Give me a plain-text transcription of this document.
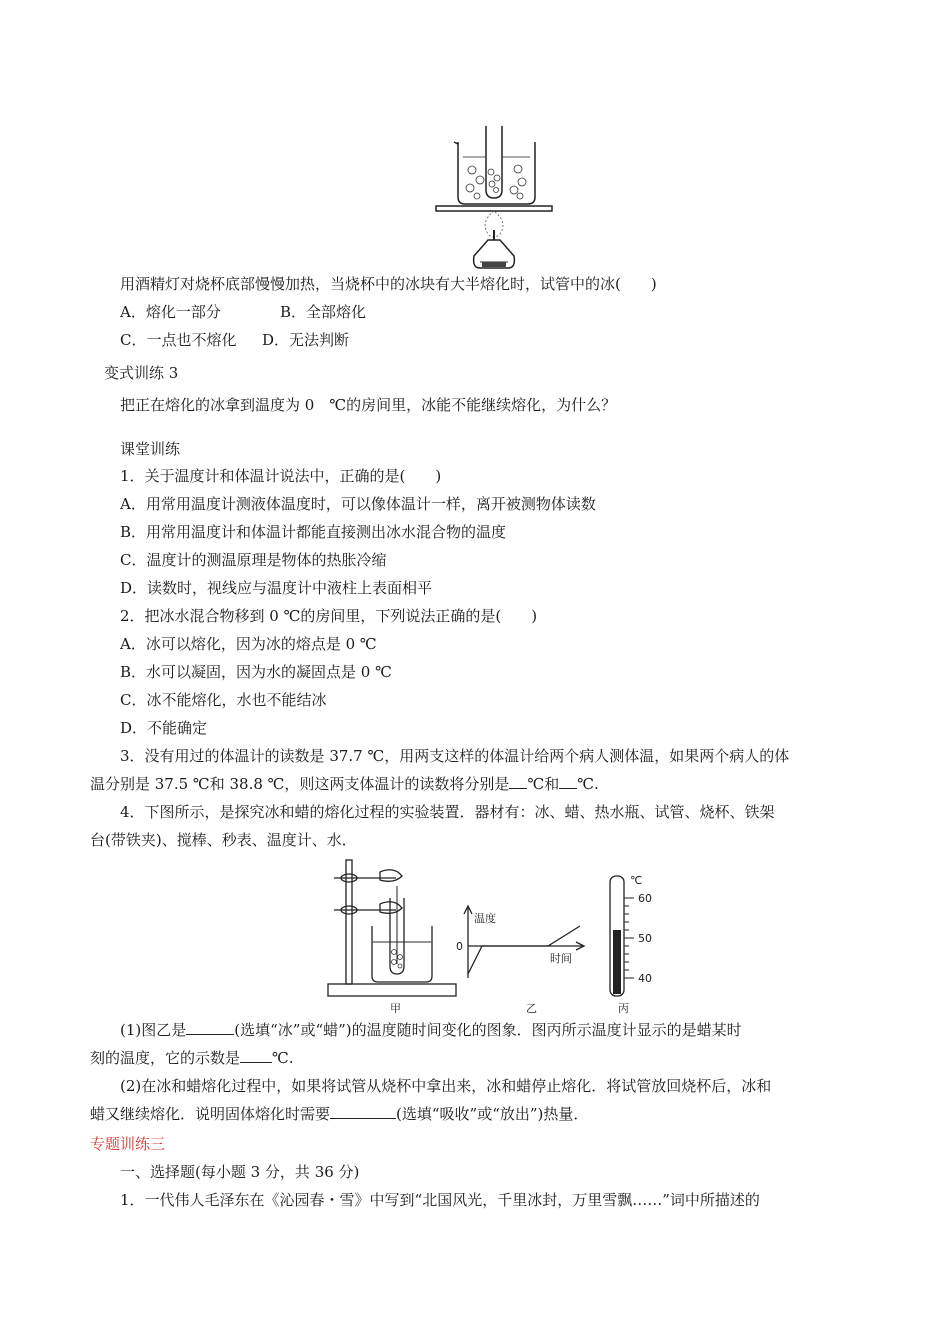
用酒精灯对烧杯底部慢慢加热，当烧杯中的冰块有大半熔化时，试管中的冰(　　)
A．熔化一部分	B．全部熔化
C．一点也不熔化 D．无法判断
变式训练 3
把正在熔化的冰拿到温度为 0　℃的房间里，冰能不能继续熔化，为什么？
课堂训练
1．关于温度计和体温计说法中，正确的是(　　)
A．用常用温度计测液体温度时，可以像体温计一样，离开被测物体读数
B．用常用温度计和体温计都能直接测出冰水混合物的温度
C．温度计的测温原理是物体的热胀冷缩
D．读数时，视线应与温度计中液柱上表面相平
2．把冰水混合物移到 0 ℃的房间里，下列说法正确的是(　　)
A．冰可以熔化，因为冰的熔点是 0 ℃
B．水可以凝固，因为水的凝固点是 0 ℃
C．冰不能熔化，水也不能结冰
D．不能确定
3．没有用过的体温计的读数是 37.7 ℃，用两支这样的体温计给两个病人测体温，如果两个病人的体
温分别是 37.5 ℃和 38.8 ℃，则这两支体温计的读数将分别是 ℃和 ℃.
4．下图所示，是探究冰和蜡的熔化过程的实验装置．器材有：冰、蜡、热水瓶、试管、烧杯、铁架
台(带铁夹)、搅棒、秒表、温度计、水．
甲
温度
0
时间
乙
℃
60
50
40
丙
(1)图乙是	(选填“冰”或“蜡”)的温度随时间变化的图象．图丙所示温度计显示的是蜡某时
刻的温度，它的示数是 ℃.
(2)在冰和蜡熔化过程中，如果将试管从烧杯中拿出来，冰和蜡停止熔化．将试管放回烧杯后，冰和
蜡又继续熔化．说明固体熔化时需要	(选填“吸收”或“放出”)热量．
专题训练三
一、选择题(每小题 3 分，共 36 分)
1．一代伟人毛泽东在《沁园春・雪》中写到“北国风光，千里冰封，万里雪飘……”词中所描述的
